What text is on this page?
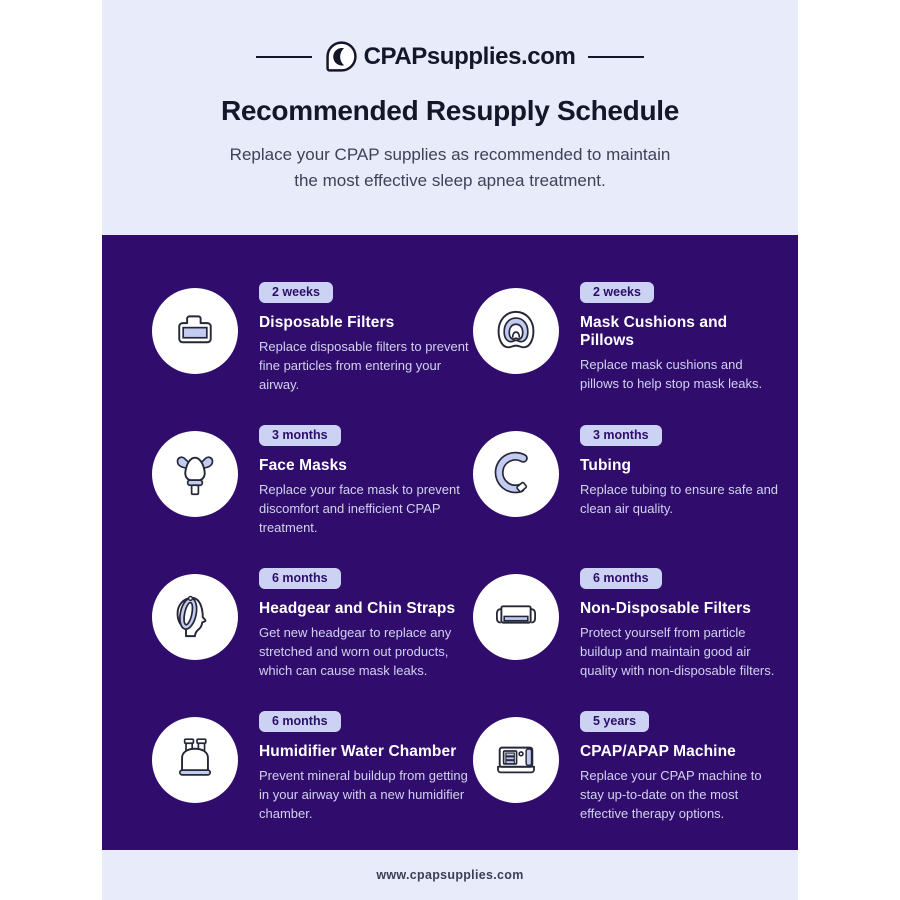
CPAPsupplies.com
Recommended Resupply Schedule
Replace your CPAP supplies as recommended to maintain
the most effective sleep apnea treatment.
2 weeks
Disposable Filters
Replace disposable filters to prevent fine particles from entering your airway.
2 weeks
Mask Cushions and Pillows
Replace mask cushions and pillows to help stop mask leaks.
3 months
Face Masks
Replace your face mask to prevent discomfort and inefficient CPAP treatment.
3 months
Tubing
Replace tubing to ensure safe and clean air quality.
6 months
Headgear and Chin Straps
Get new headgear to replace any stretched and worn out products, which can cause mask leaks.
6 months
Non-Disposable Filters
Protect yourself from particle buildup and maintain good air quality with non-disposable filters.
6 months
Humidifier Water Chamber
Prevent mineral buildup from getting in your airway with a new humidifier chamber.
5 years
CPAP/APAP Machine
Replace your CPAP machine to stay up-to-date on the most effective therapy options.
www.cpapsupplies.com
